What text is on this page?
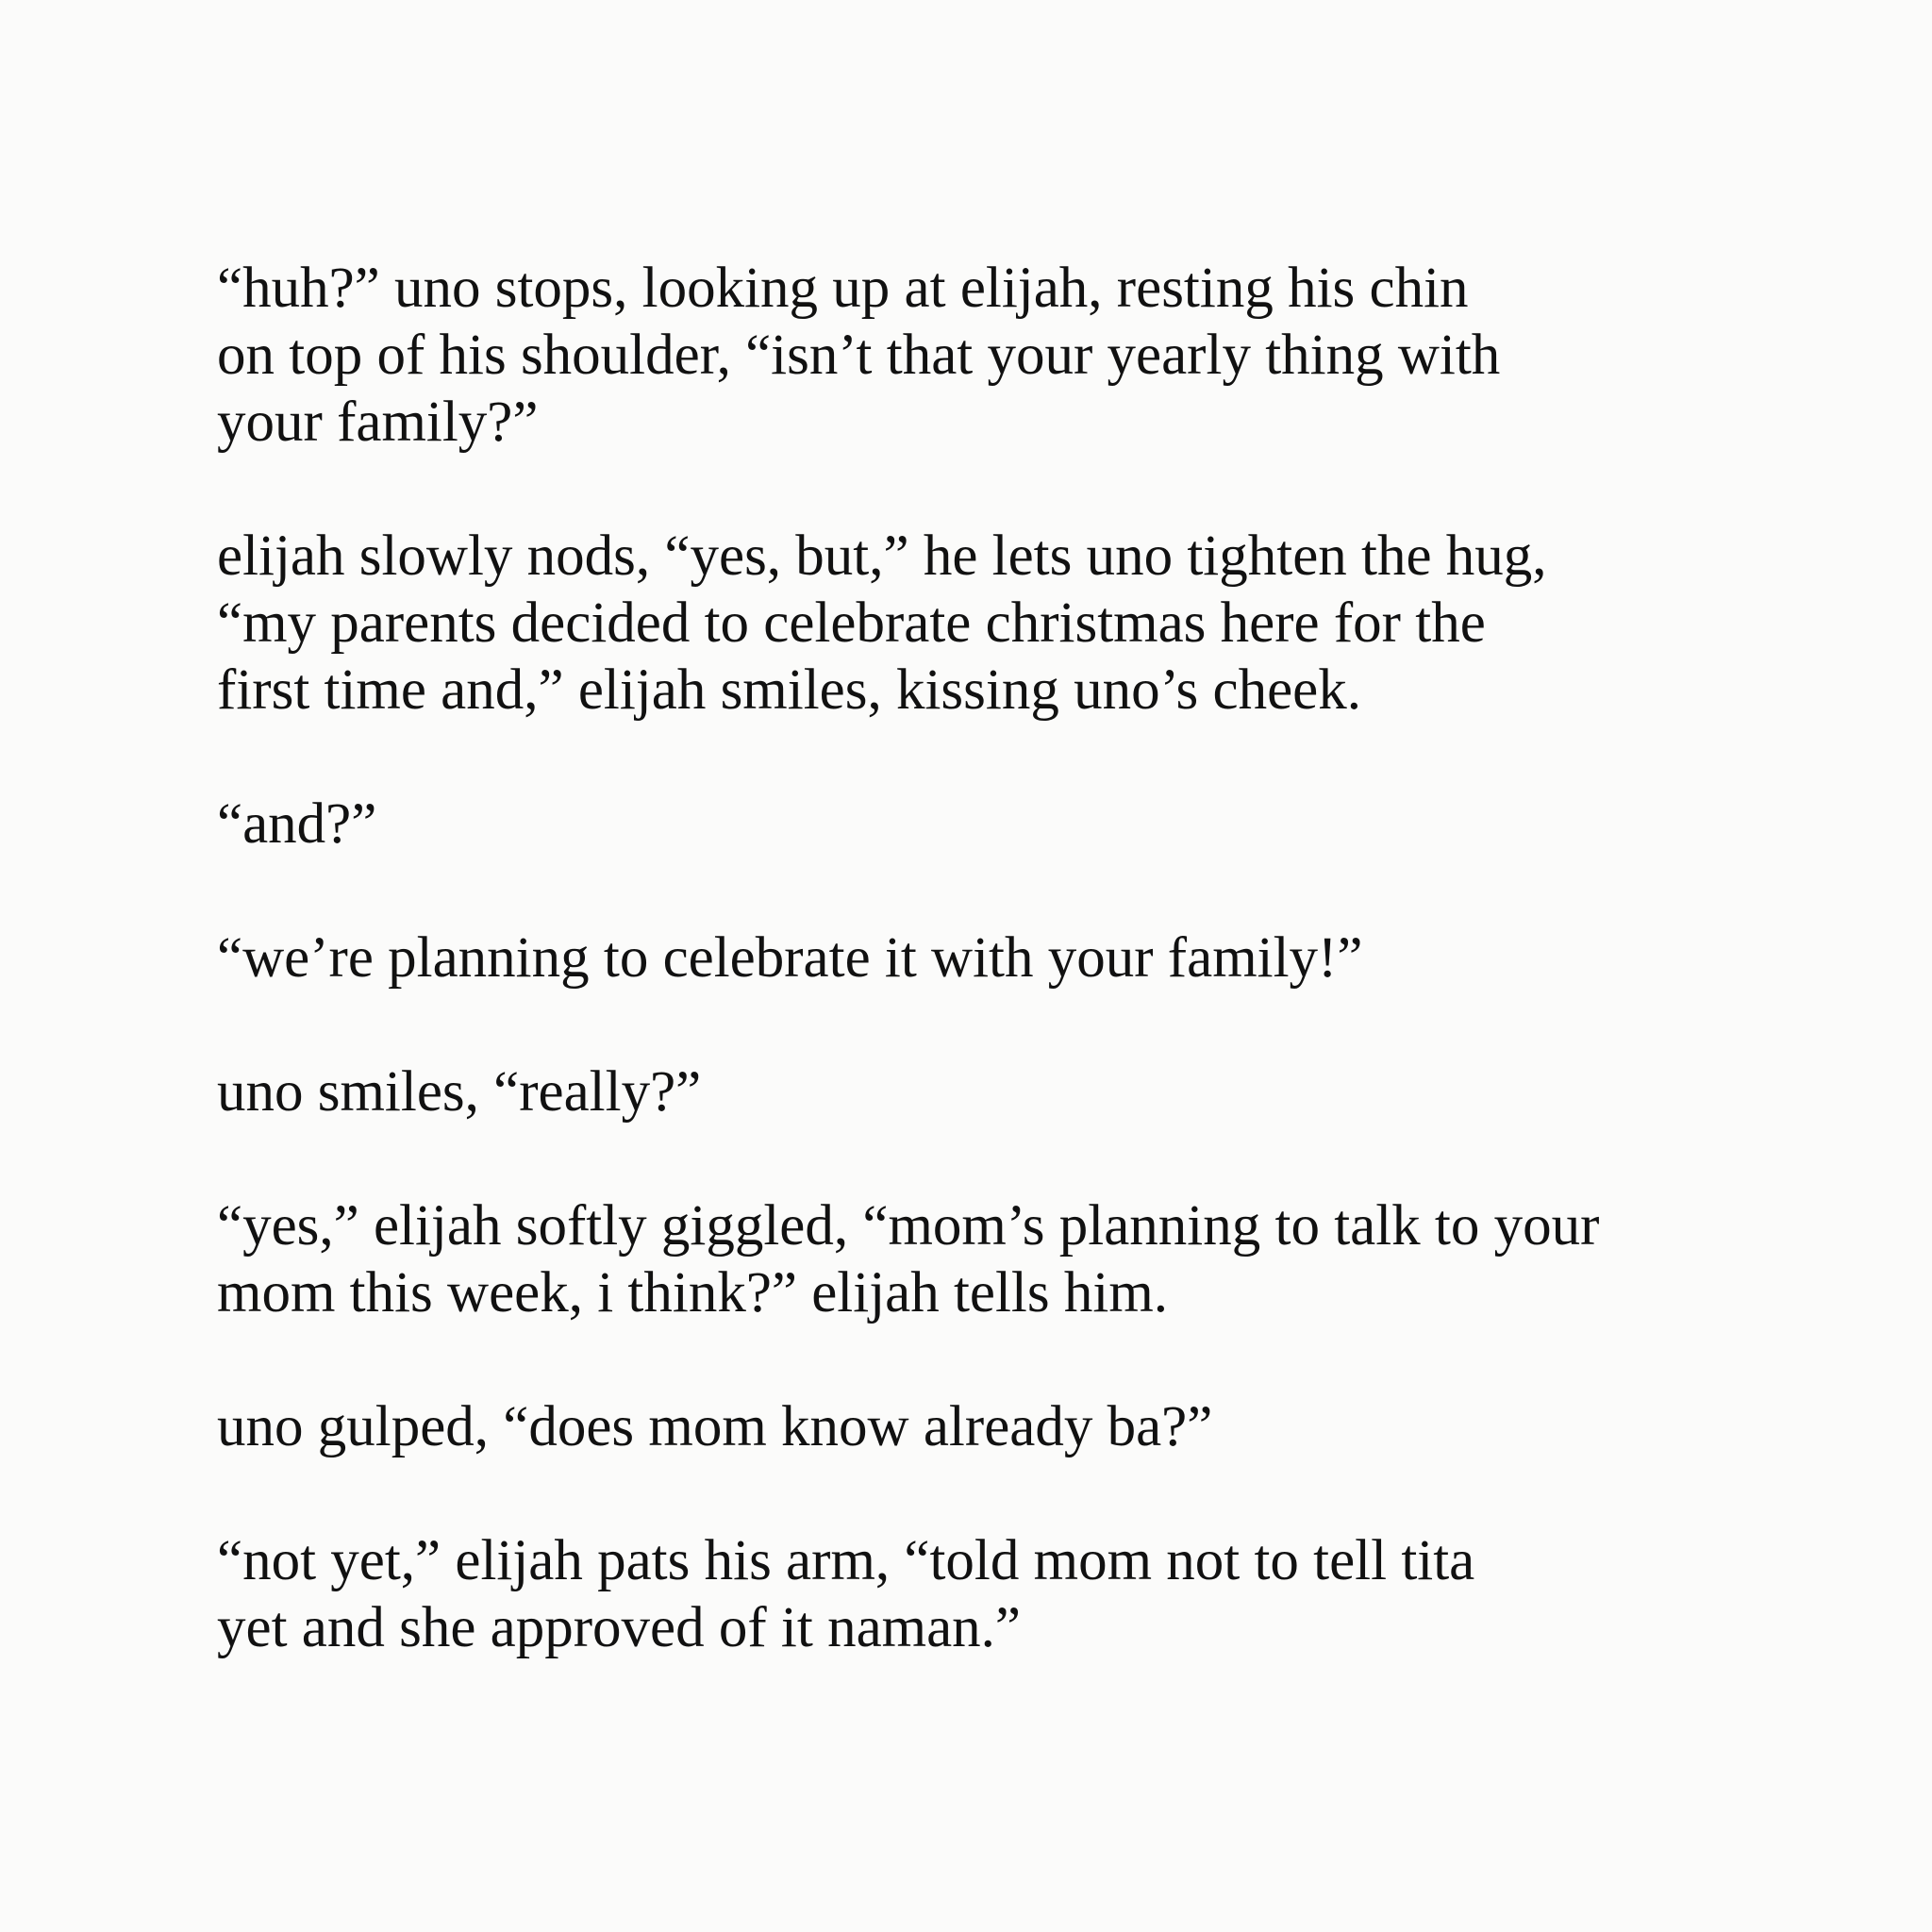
“huh?” uno stops, looking up at elijah, resting his chin
on top of his shoulder, “isn’t that your yearly thing with
your family?”

elijah slowly nods, “yes, but,” he lets uno tighten the hug,
“my parents decided to celebrate christmas here for the
first time and,” elijah smiles, kissing uno’s cheek.

“and?”

“we’re planning to celebrate it with your family!”

uno smiles, “really?”

“yes,” elijah softly giggled, “mom’s planning to talk to your
mom this week, i think?” elijah tells him.

uno gulped, “does mom know already ba?”

“not yet,” elijah pats his arm, “told mom not to tell tita
yet and she approved of it naman.”
